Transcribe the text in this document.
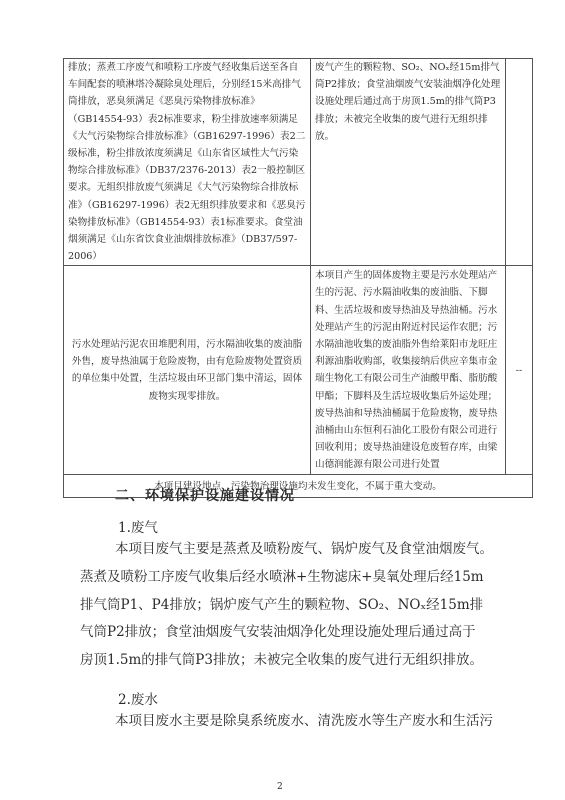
排放；蒸煮工序废气和喷粉工序废气经收集后送至各自车间配套的喷淋塔冷凝除臭处理后，分别经15米高排气筒排放，恶臭须满足《恶臭污染物排放标准》（GB14554-93）表2标准要求，粉尘排放速率须满足《大气污染物综合排放标准》（GB16297-1996）表2二级标准，粉尘排放浓度须满足《山东省区域性大气污染物综合排放标准》（DB37/2376-2013）表2一般控制区要求。无组织排放废气须满足《大气污染物综合排放标准》（GB16297-1996）表2无组织排放要求和《恶臭污染物排放标准》（GB14554-93）表1标准要求。食堂油烟须满足《山东省饮食业油烟排放标准》（DB37/597-2006）	废气产生的颗粒物、SO₂、NOₓ经15m排气筒P2排放；食堂油烟废气安装油烟净化处理设施处理后通过高于房顶1.5m的排气筒P3排放；未被完全收集的废气进行无组织排放。	
污水处理站污泥农田堆肥利用，污水隔油收集的废油脂外售，废导热油属于危险废物，由有危险废物处置资质的单位集中处置，生活垃圾由环卫部门集中清运，固体废物实现零排放。	本项目产生的固体废物主要是污水处理站产生的污泥、污水隔油收集的废油脂、下脚料、生活垃圾和废导热油及导热油桶。污水处理站产生的污泥由附近村民运作农肥；污水隔油池收集的废油脂外售给莱阳市龙旺庄利源油脂收购部，收集接纳后供应辛集市金瑞生物化工有限公司生产油酸甲酯、脂肪酸甲酯；下脚料及生活垃圾收集后外运处理；废导热油和导热油桶属于危险废物，废导热油桶由山东恒利石油化工股份有限公司进行回收利用；废导热油建设危废暂存库，由梁山德润能源有限公司进行处置	--
本项目建设地点、污染物治理设施均未发生变化，不属于重大变动。		
二、环境保护设施建设情况
1.废气
本项目废气主要是蒸煮及喷粉废气、锅炉废气及食堂油烟废气。
蒸煮及喷粉工序废气收集后经水喷淋+生物滤床+臭氧处理后经15m
排气筒P1、P4排放；锅炉废气产生的颗粒物、SO₂、NOₓ经15m排
气筒P2排放；食堂油烟废气安装油烟净化处理设施处理后通过高于
房顶1.5m的排气筒P3排放；未被完全收集的废气进行无组织排放。
2.废水
本项目废水主要是除臭系统废水、清洗废水等生产废水和生活污
2
